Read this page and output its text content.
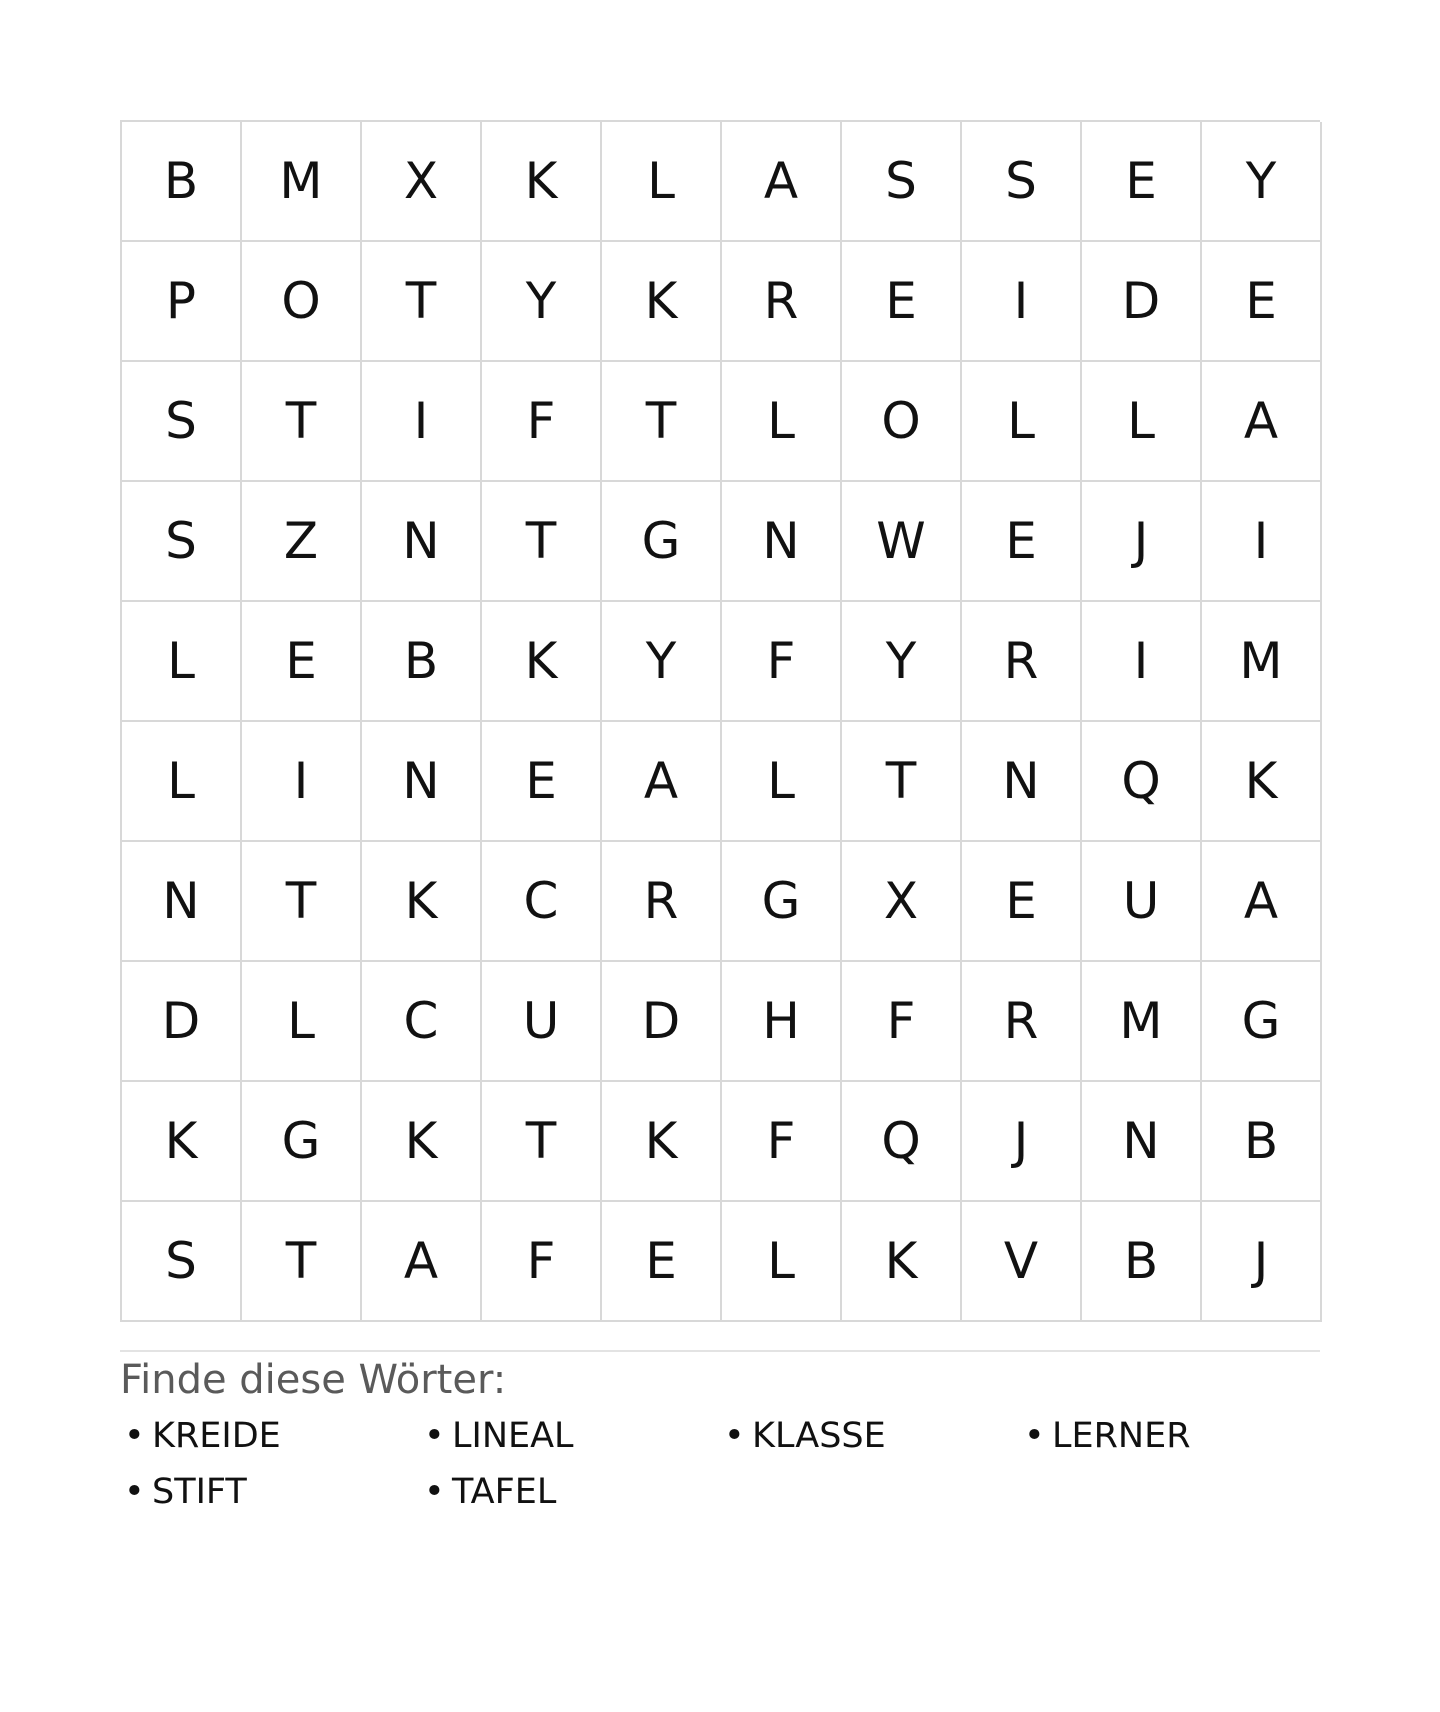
B	M	X	K	L	A	S	S	E	Y
P	O	T	Y	K	R	E	I	D	E
S	T	I	F	T	L	O	L	L	A
S	Z	N	T	G	N	W	E	J	I
L	E	B	K	Y	F	Y	R	I	M
L	I	N	E	A	L	T	N	Q	K
N	T	K	C	R	G	X	E	U	A
D	L	C	U	D	H	F	R	M	G
K	G	K	T	K	F	Q	J	N	B
S	T	A	F	E	L	K	V	B	J
Finde diese Wörter:
• KREIDE	• LINEAL	• KLASSE	• LERNER
• STIFT	• TAFEL
